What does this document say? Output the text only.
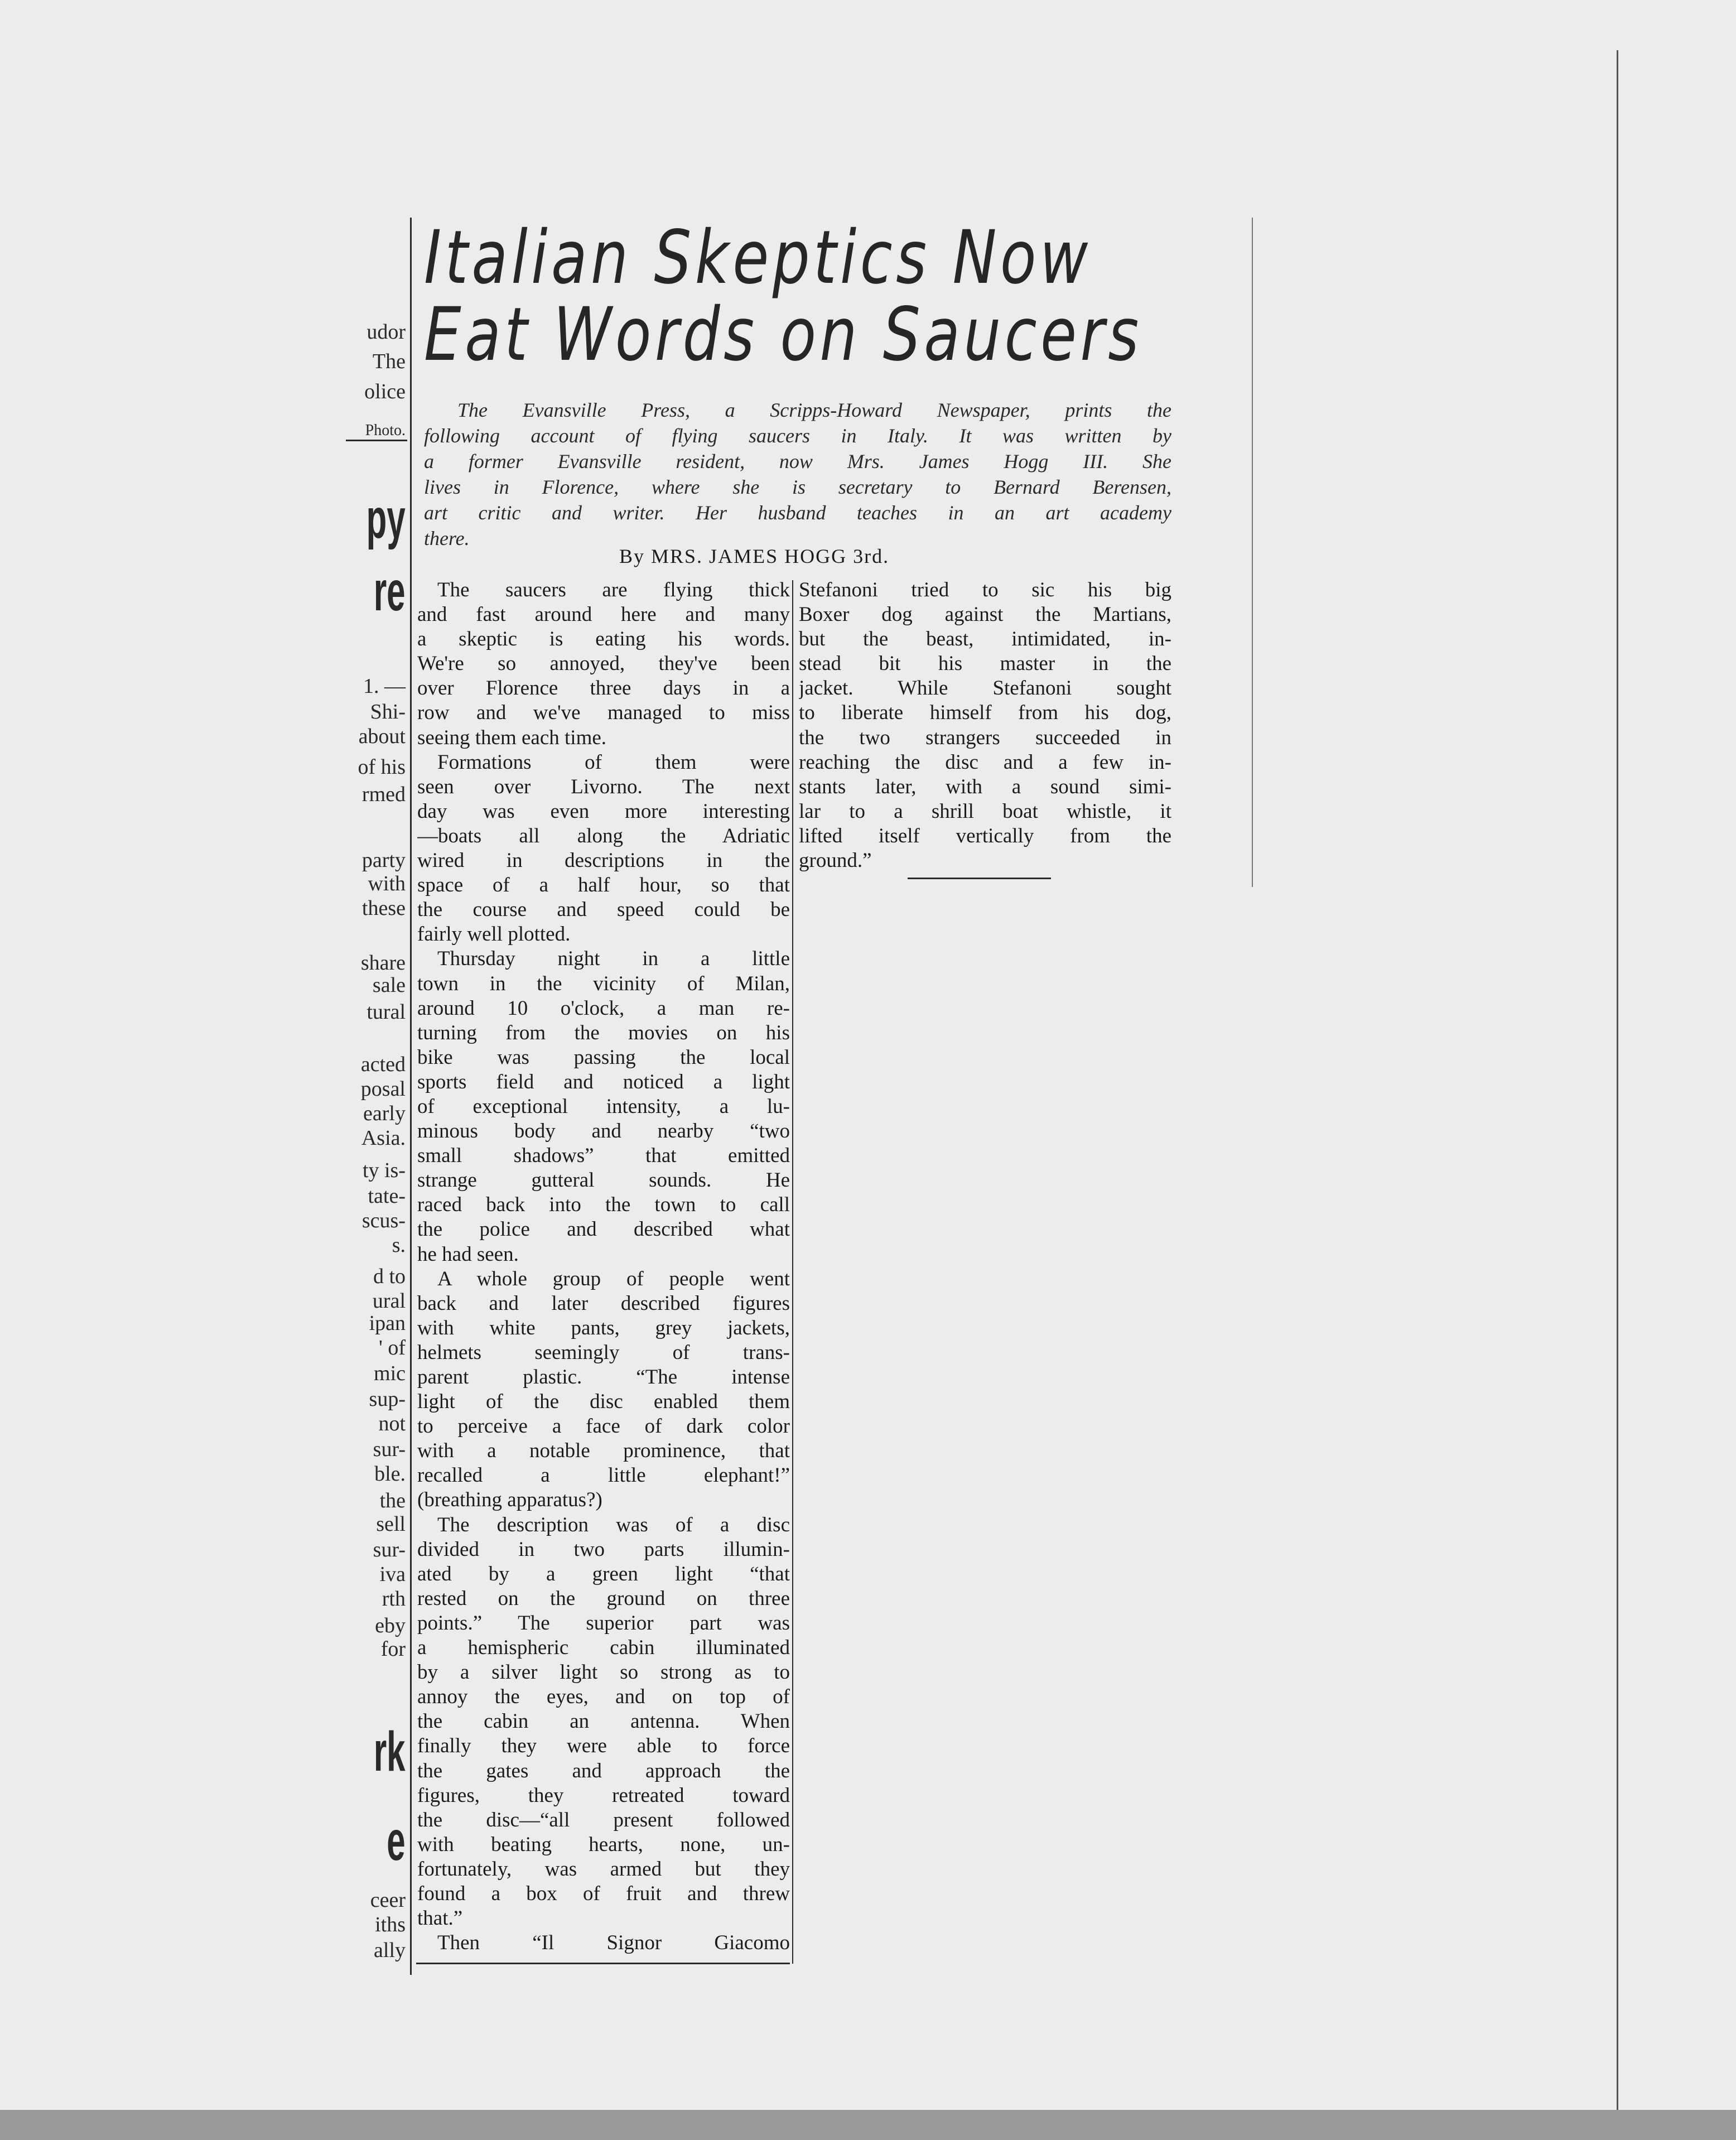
Italian Skeptics Now
Eat Words on Saucers
The Evansville Press, a Scripps-Howard Newspaper, prints the
following account of flying saucers in Italy. It was written by
a former Evansville resident, now Mrs. James Hogg III. She
lives in Florence, where she is secretary to Bernard Berensen,
art critic and writer. Her husband teaches in an art academy
there.
By MRS. JAMES HOGG 3rd.
The saucers are flying thick
and fast around here and many
a skeptic is eating his words.
We're so annoyed, they've been
over Florence three days in a
row and we've managed to miss
seeing them each time.
Formations of them were
seen over Livorno. The next
day was even more interesting
—boats all along the Adriatic
wired in descriptions in the
space of a half hour, so that
the course and speed could be
fairly well plotted.
Thursday night in a little
town in the vicinity of Milan,
around 10 o'clock, a man re-
turning from the movies on his
bike was passing the local
sports field and noticed a light
of exceptional intensity, a lu-
minous body and nearby “two
small shadows” that emitted
strange gutteral sounds. He
raced back into the town to call
the police and described what
he had seen.
A whole group of people went
back and later described figures
with white pants, grey jackets,
helmets seemingly of trans-
parent plastic. “The intense
light of the disc enabled them
to perceive a face of dark color
with a notable prominence, that
recalled a little elephant!”
(breathing apparatus?)
The description was of a disc
divided in two parts illumin-
ated by a green light “that
rested on the ground on three
points.” The superior part was
a hemispheric cabin illuminated
by a silver light so strong as to
annoy the eyes, and on top of
the cabin an antenna. When
finally they were able to force
the gates and approach the
figures, they retreated toward
the disc—“all present followed
with beating hearts, none, un-
fortunately, was armed but they
found a box of fruit and threw
that.”
Then “Il Signor Giacomo
Stefanoni tried to sic his big
Boxer dog against the Martians,
but the beast, intimidated, in-
stead bit his master in the
jacket. While Stefanoni sought
to liberate himself from his dog,
the two strangers succeeded in
reaching the disc and a few in-
stants later, with a sound simi-
lar to a shrill boat whistle, it
lifted itself vertically from the
ground.”
udor
The
olice
Photo.
py
re
1. —
Shi-
about
of his
rmed
party
with
these
share
sale
tural
acted
posal
early
Asia.
ty is-
tate-
scus-
s.
d to
ural
ipan
' of
mic
sup-
not
sur-
ble.
the
sell
sur-
iva
rth
eby
for
rk
e
ceer
iths
ally
